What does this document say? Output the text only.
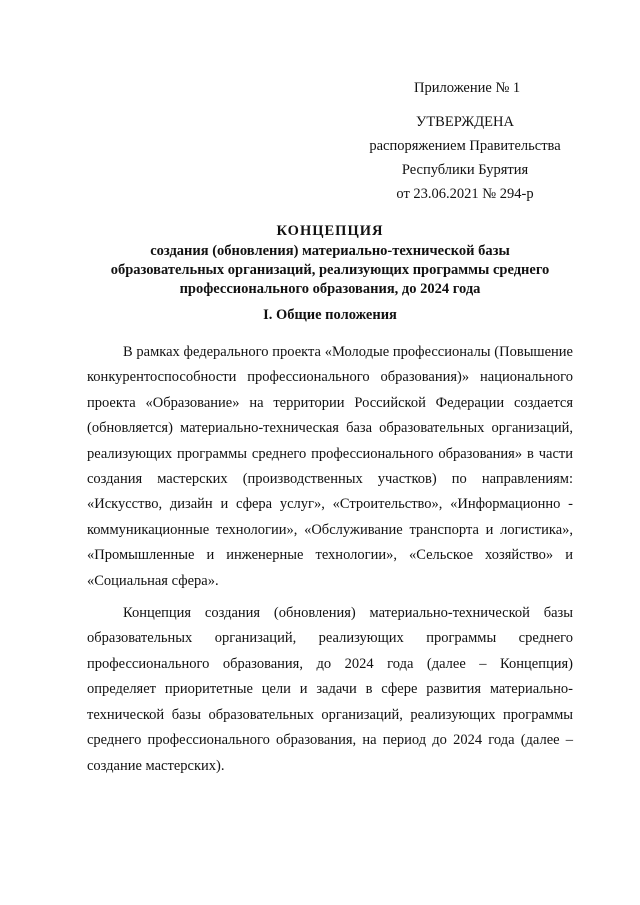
Приложение № 1
УТВЕРЖДЕНА
распоряжением Правительства
Республики Бурятия
от 23.06.2021 № 294-р
КОНЦЕПЦИЯ
создания (обновления) материально-технической базы
образовательных организаций, реализующих программы среднего
профессионального образования, до 2024 года
I. Общие положения

В рамках федерального проекта «Молодые профессионалы (Повышение конкурентоспособности профессионального образования)» национального проекта «Образование» на территории Российской Федерации создается (обновляется) материально-техническая база образовательных организаций, реализующих программы среднего профессионального образования» в части создания мастерских (производственных участков) по направлениям: «Искусство, дизайн и сфера услуг», «Строительство», «Информационно - коммуникационные технологии», «Обслуживание транспорта и логистика», «Промышленные и инженерные технологии», «Сельское хозяйство» и «Социальная сфера».

Концепция создания (обновления) материально-технической базы образовательных организаций, реализующих программы среднего профессионального образования, до 2024 года (далее – Концепция) определяет приоритетные цели и задачи в сфере развития материально-технической базы образовательных организаций, реализующих программы среднего профессионального образования, на период до 2024 года (далее – создание мастерских).
